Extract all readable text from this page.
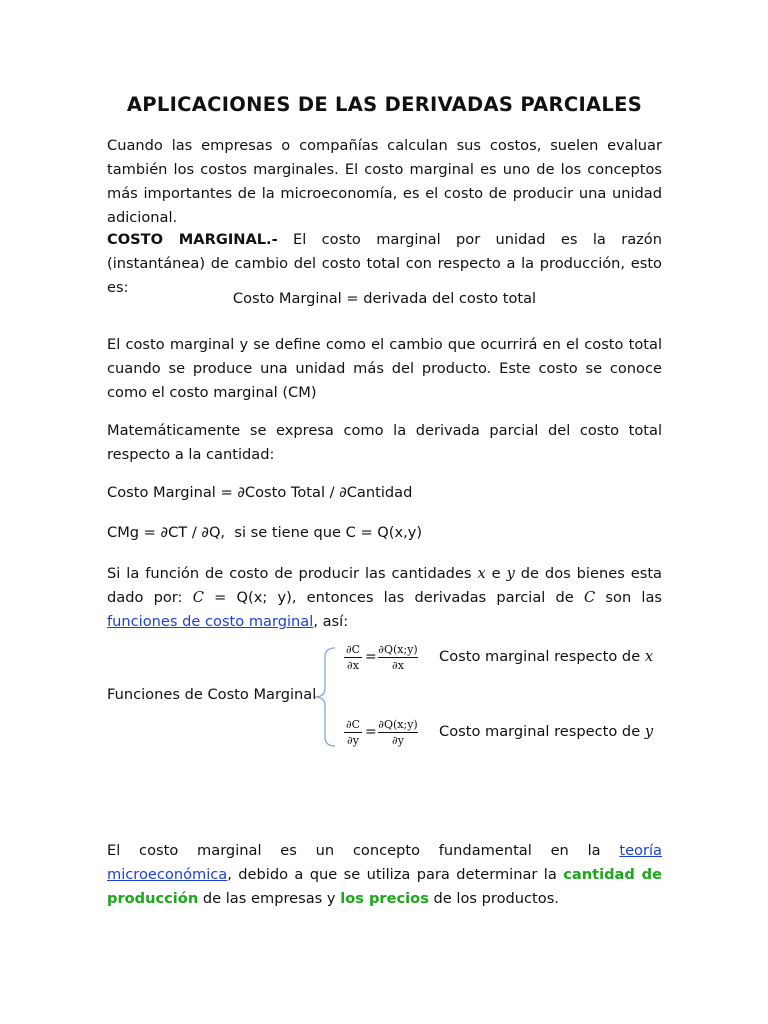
APLICACIONES DE LAS DERIVADAS PARCIALES
Cuando las empresas o compañías calculan sus costos, suelen evaluar también los costos marginales. El costo marginal es uno de los conceptos más importantes de la microeconomía, es el costo de producir una unidad adicional.
COSTO MARGINAL.- El costo marginal por unidad es la razón (instantánea) de cambio del costo total con respecto a la producción, esto es:
Costo Marginal = derivada del costo total
El costo marginal y se define como el cambio que ocurrirá en el costo total cuando se produce una unidad más del producto. Este costo se conoce como el costo marginal (CM)
Matemáticamente se expresa como la derivada parcial del costo total respecto a la cantidad:
Costo Marginal = ∂Costo Total / ∂Cantidad
CMg = ∂CT / ∂Q,  si se tiene que C = Q(x,y)
Si la función de costo de producir las cantidades x e y de dos bienes esta dado por: C = Q(x; y), entonces las derivadas parcial de C son las funciones de costo marginal, así:
Funciones de Costo Marginal
∂C
∂x
= ∂Q(x;y)
∂x
Costo marginal respecto de x
∂C
∂y
= ∂Q(x;y)
∂y
Costo marginal respecto de y
El costo marginal es un concepto fundamental en la teoría microeconómica, debido a que se utiliza para determinar la cantidad de producción de las empresas y los precios de los productos.
